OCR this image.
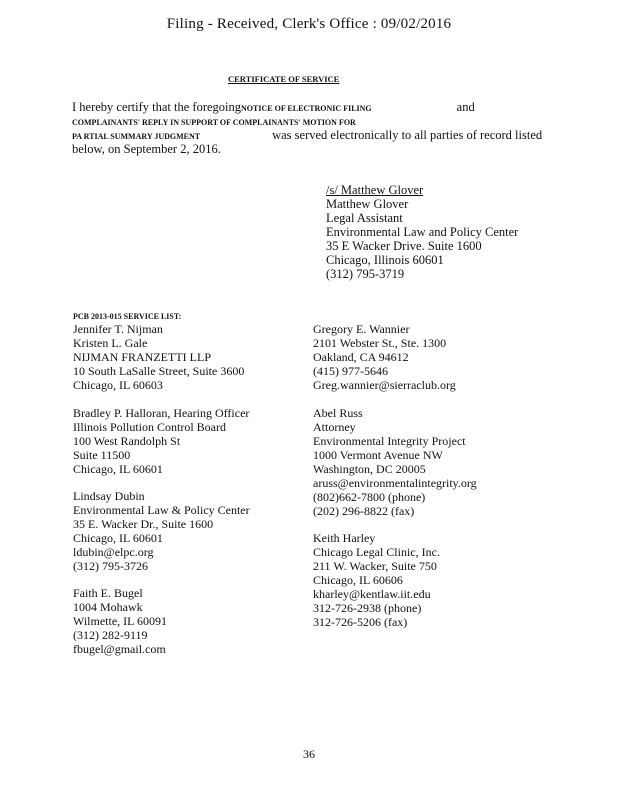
Filing - Received, Clerk's Office : 09/02/2016
CERTIFICATE OF SERVICE
I hereby certify that the foregoingNOTICE OF ELECTRONIC FILING	and
COMPLAINANTS' REPLY IN SUPPORT OF COMPLAINANTS' MOTION FOR
PA RTIAL SUMMARY JUDGMENT	was served electronically to all parties of record listed
below, on September 2, 2016.
/s/ Matthew Glover
Matthew Glover
Legal Assistant
Environmental Law and Policy Center
35 E Wacker Drive. Suite 1600
Chicago, Illinois 60601
(312) 795-3719
PCB 2013-015 SERVICE LIST:
Jennifer T. Nijman
Kristen L. Gale
NIJMAN FRANZETTI LLP
10 South LaSalle Street, Suite 3600
Chicago, IL 60603
Bradley P. Halloran, Hearing Officer
Illinois Pollution Control Board
100 West Randolph St
Suite 11500
Chicago, IL 60601
Lindsay Dubin
Environmental Law & Policy Center
35 E. Wacker Dr., Suite 1600
Chicago, IL 60601
ldubin@elpc.org
(312) 795-3726
Faith E. Bugel
1004 Mohawk
Wilmette, IL 60091
(312) 282-9119
fbugel@gmail.com
Gregory E. Wannier
2101 Webster St., Ste. 1300
Oakland, CA 94612
(415) 977-5646
Greg.wannier@sierraclub.org
Abel Russ
Attorney
Environmental Integrity Project
1000 Vermont Avenue NW
Washington, DC 20005
aruss@environmentalintegrity.org
(802)662-7800 (phone)
(202) 296-8822 (fax)
Keith Harley
Chicago Legal Clinic, Inc.
211 W. Wacker, Suite 750
Chicago, IL 60606
kharley@kentlaw.iit.edu
312-726-2938 (phone)
312-726-5206 (fax)
36
